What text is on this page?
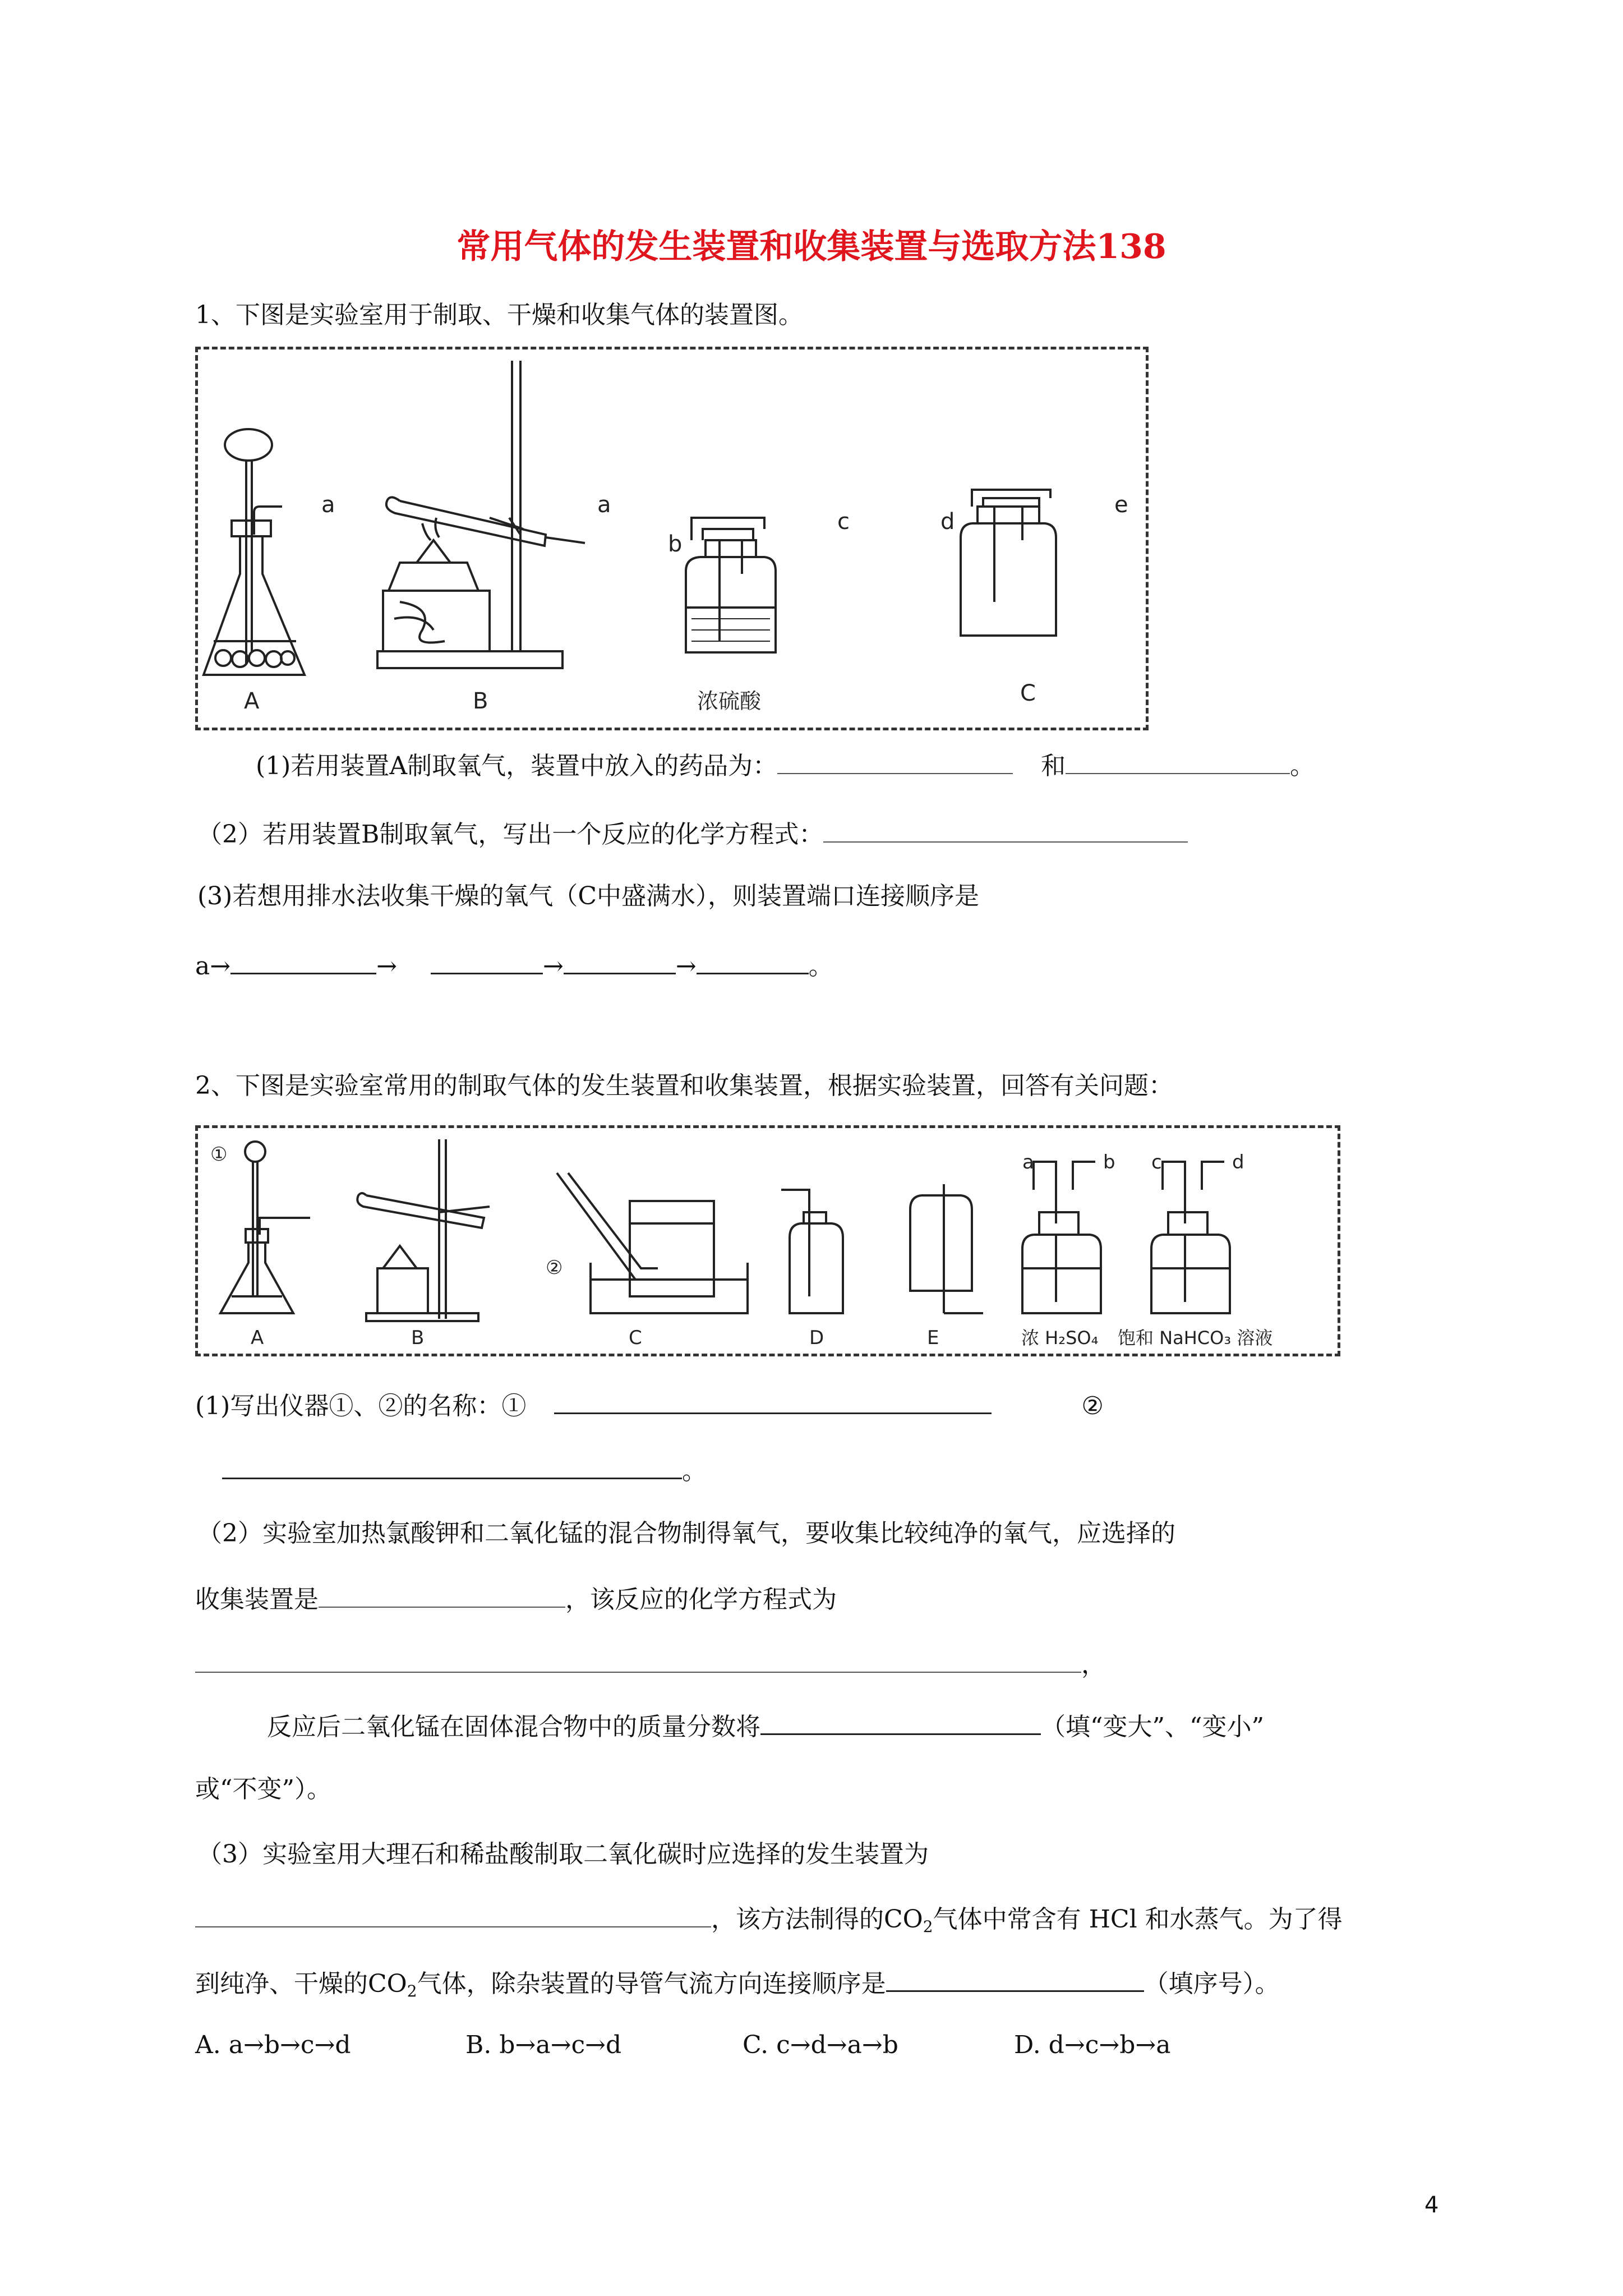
常用气体的发生装置和收集装置与选取方法138
1、下图是实验室用于制取、干燥和收集气体的装置图。
a
A
a
B
b
c
浓硫酸
d
e
C
(1)若用装置A制取氧气，装置中放入的药品为：	和	。
（2）若用装置B制取氧气，写出一个反应的化学方程式：
(3)若想用排水法收集干燥的氧气（C中盛满水），则装置端口连接顺序是
a→	→	→	→	。
2、下图是实验室常用的制取气体的发生装置和收集装置，根据实验装置，回答有关问题：
①
②
A	B	C	D	E
a	b c	d
浓 H₂SO₄ 饱和 NaHCO₃ 溶液
(1)写出仪器①、②的名称：①	②
。
（2）实验室加热氯酸钾和二氧化锰的混合物制得氧气，要收集比较纯净的氧气，应选择的
收集装置是	，该反应的化学方程式为
，
反应后二氧化锰在固体混合物中的质量分数将	（填“变大”、“变小”
或“不变”）。
（3）实验室用大理石和稀盐酸制取二氧化碳时应选择的发生装置为
，该方法制得的$CO_2$气体中常含有 HCl 和水蒸气。为了得
到纯净、干燥的$CO_2$气体，除杂装置的导管气流方向连接顺序是	（填序号）。
A. a→b→c→d	B. b→a→c→d	C. c→d→a→b	D. d→c→b→a
4
